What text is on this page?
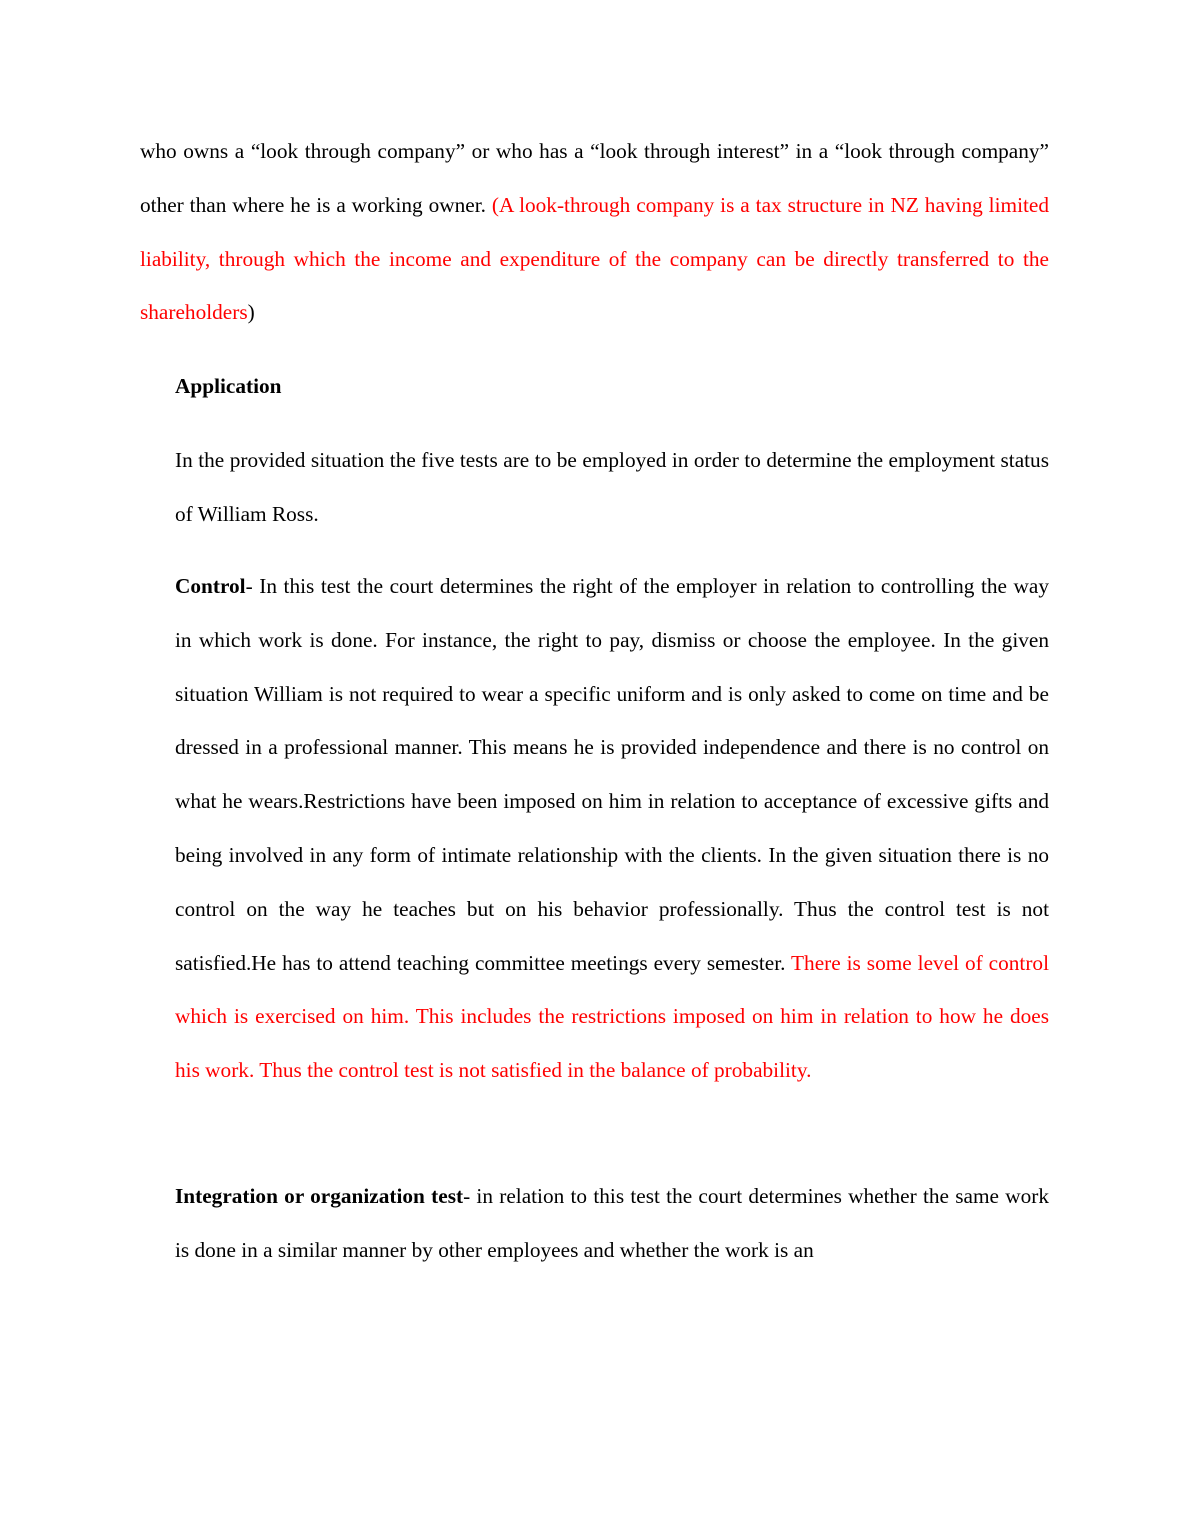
who owns a “look through company” or who has a “look through interest” in a “look through company” other than where he is a working owner. (A look-through company is a tax structure in NZ having limited liability, through which the income and expenditure of the company can be directly transferred to the shareholders)

Application

In the provided situation the five tests are to be employed in order to determine the employment status of William Ross.

Control- In this test the court determines the right of the employer in relation to controlling the way in which work is done. For instance, the right to pay, dismiss or choose the employee. In the given situation William is not required to wear a specific uniform and is only asked to come on time and be dressed in a professional manner. This means he is provided independence and there is no control on what he wears.Restrictions have been imposed on him in relation to acceptance of excessive gifts and being involved in any form of intimate relationship with the clients. In the given situation there is no control on the way he teaches but on his behavior professionally. Thus the control test is not satisfied.He has to attend teaching committee meetings every semester. There is some level of control which is exercised on him. This includes the restrictions imposed on him in relation to how he does his work. Thus the control test is not satisfied in the balance of probability.

Integration or organization test- in relation to this test the court determines whether the same work is done in a similar manner by other employees and whether the work is an
